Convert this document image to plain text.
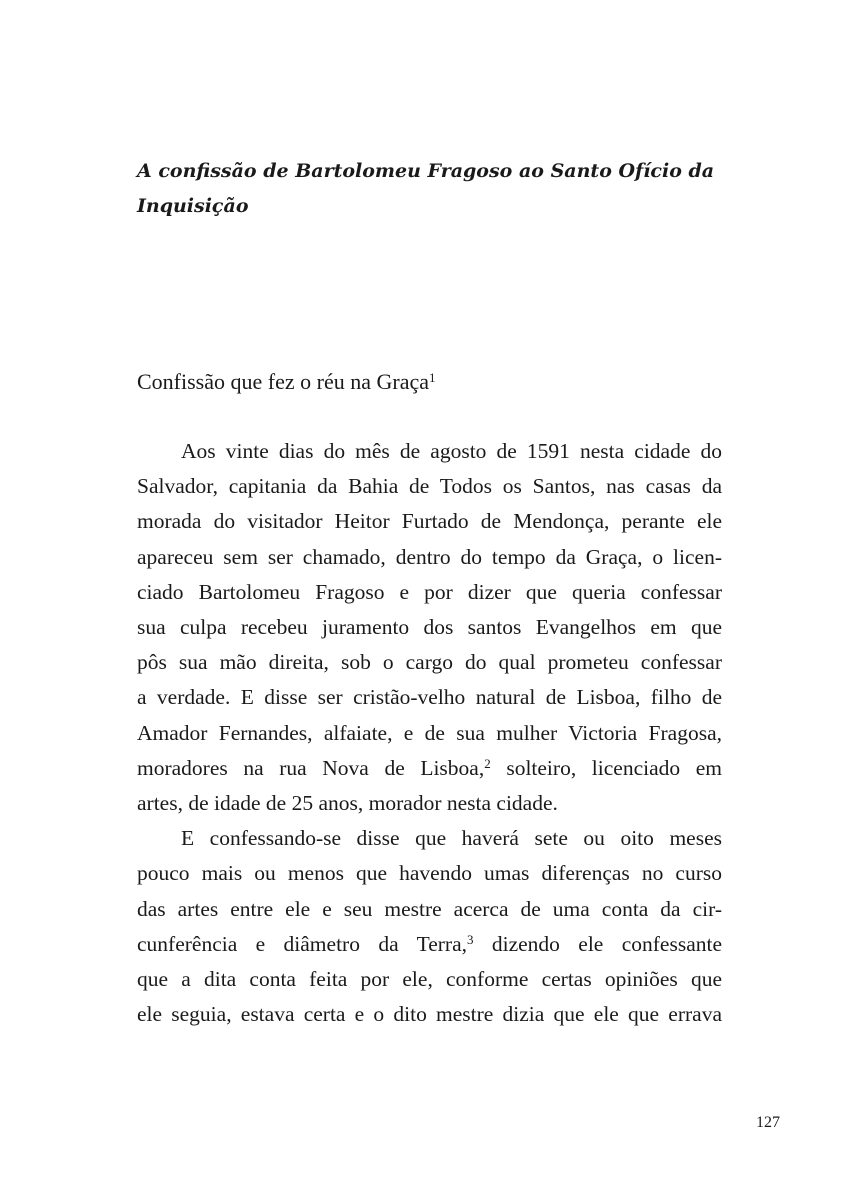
A confissão de Bartolomeu Fragoso ao Santo Ofício da Inquisição
Confissão que fez o réu na Graça$^1$
Aos vinte dias do mês de agosto de 1591 nesta cidade do
Salvador, capitania da Bahia de Todos os Santos, nas casas da
morada do visitador Heitor Furtado de Mendonça, perante ele
apareceu sem ser chamado, dentro do tempo da Graça, o licen-
ciado Bartolomeu Fragoso e por dizer que queria confessar
sua culpa recebeu juramento dos santos Evangelhos em que
pôs sua mão direita, sob o cargo do qual prometeu confessar
a verdade. E disse ser cristão-velho natural de Lisboa, filho de
Amador Fernandes, alfaiate, e de sua mulher Victoria Fragosa,
moradores na rua Nova de Lisboa,$^2$ solteiro, licenciado em
artes, de idade de 25 anos, morador nesta cidade.
E confessando-se disse que haverá sete ou oito meses
pouco mais ou menos que havendo umas diferenças no curso
das artes entre ele e seu mestre acerca de uma conta da cir-
cunferência e diâmetro da Terra,$^3$ dizendo ele confessante
que a dita conta feita por ele, conforme certas opiniões que
ele seguia, estava certa e o dito mestre dizia que ele que errava
127
